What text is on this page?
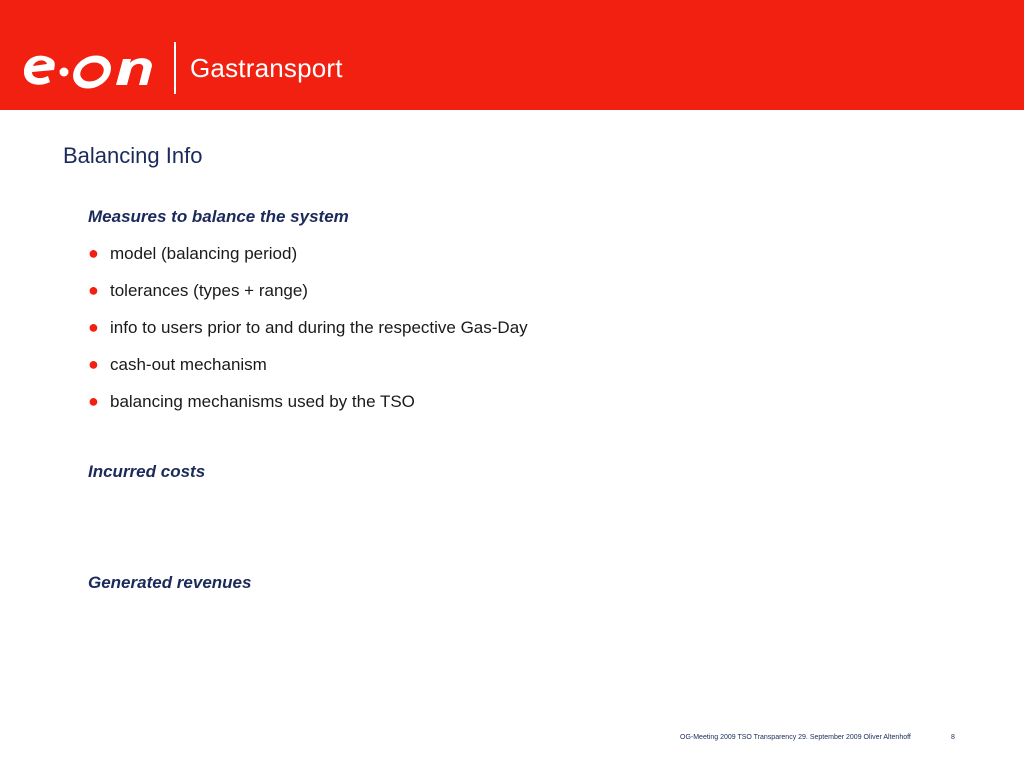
Gastransport
Balancing Info
Measures to balance the system
● model (balancing period)
● tolerances (types + range)
● info to users prior to and during the respective Gas-Day
● cash-out mechanism
● balancing mechanisms used by the TSO
Incurred costs
Generated revenues
OG-Meeting 2009 TSO Transparency 29. September 2009 Oliver Altenhoff	8
